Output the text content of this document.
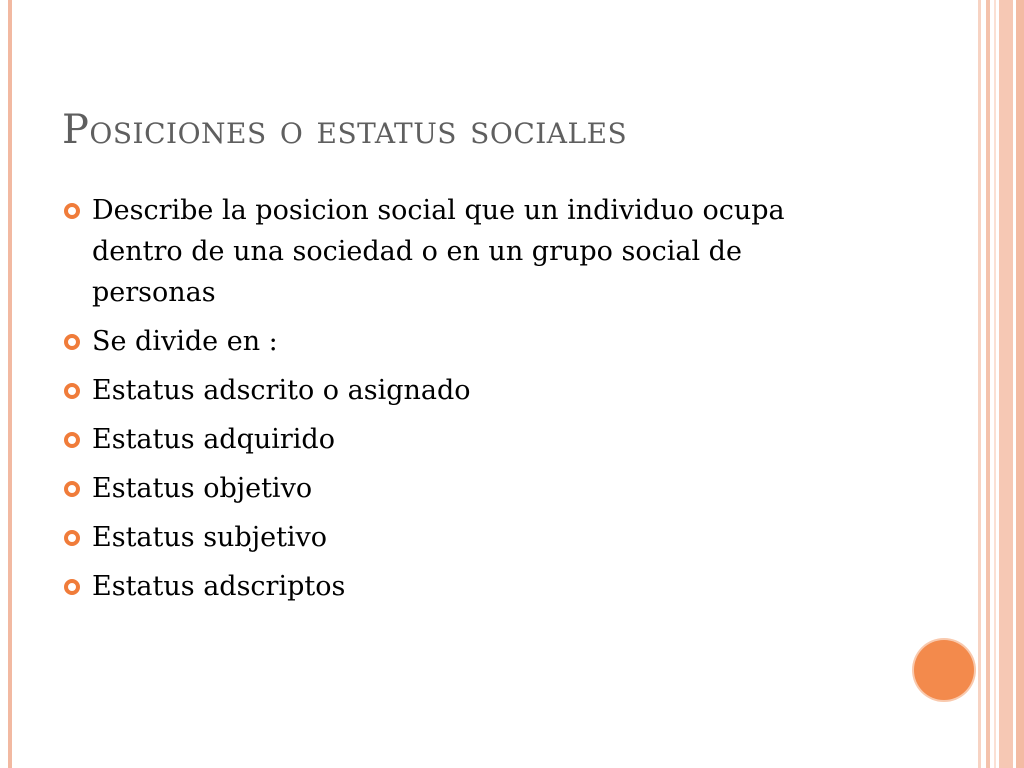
Posiciones o estatus sociales
Describe la posicion social que un individuo ocupa dentro de una sociedad o en un grupo social de personas
Se divide en :
Estatus adscrito o asignado
Estatus adquirido
Estatus objetivo
Estatus subjetivo
Estatus adscriptos
